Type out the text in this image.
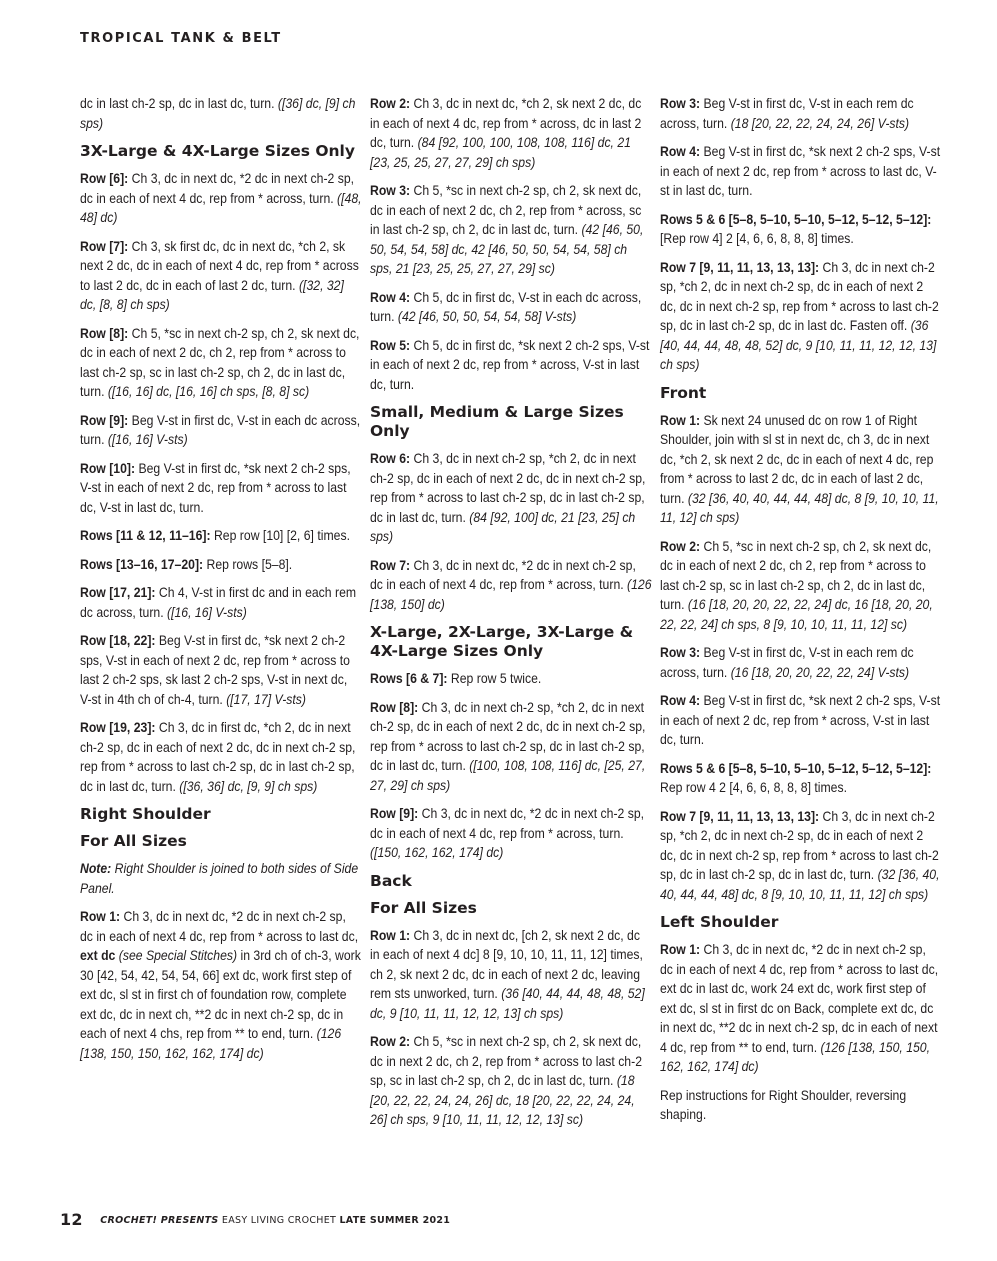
TROPICAL TANK & BELT

dc in last ch-2 sp, dc in last dc, turn. ([36] dc, [9] ch sps)

3X-Large & 4X-Large Sizes Only

Row [6]: Ch 3, dc in next dc, *2 dc in next ch-2 sp, dc in each of next 4 dc, rep from * across, turn. ([48, 48] dc)

Row [7]: Ch 3, sk first dc, dc in next dc, *ch 2, sk next 2 dc, dc in each of next 4 dc, rep from * across to last 2 dc, dc in each of last 2 dc, turn. ([32, 32] dc, [8, 8] ch sps)

Row [8]: Ch 5, *sc in next ch-2 sp, ch 2, sk next dc, dc in each of next 2 dc, ch 2, rep from * across to last ch-2 sp, sc in last ch-2 sp, ch 2, dc in last dc, turn. ([16, 16] dc, [16, 16] ch sps, [8, 8] sc)

Row [9]: Beg V-st in first dc, V-st in each dc across, turn. ([16, 16] V-sts)

Row [10]: Beg V-st in first dc, *sk next 2 ch-2 sps, V-st in each of next 2 dc, rep from * across to last dc, V-st in last dc, turn.

Rows [11 & 12, 11–16]: Rep row [10] [2, 6] times.

Rows [13–16, 17–20]: Rep rows [5–8].

Row [17, 21]: Ch 4, V-st in first dc and in each rem dc across, turn. ([16, 16] V-sts)

Row [18, 22]: Beg V-st in first dc, *sk next 2 ch-2 sps, V-st in each of next 2 dc, rep from * across to last 2 ch-2 sps, sk last 2 ch-2 sps, V-st in next dc, V-st in 4th ch of ch-4, turn. ([17, 17] V-sts)

Row [19, 23]: Ch 3, dc in first dc, *ch 2, dc in next ch-2 sp, dc in each of next 2 dc, dc in next ch-2 sp, rep from * across to last ch-2 sp, dc in last ch-2 sp, dc in last dc, turn. ([36, 36] dc, [9, 9] ch sps)

Right Shoulder
For All Sizes

Note: Right Shoulder is joined to both sides of Side Panel.

Row 1: Ch 3, dc in next dc, *2 dc in next ch-2 sp, dc in each of next 4 dc, rep from * across to last dc, ext dc (see Special Stitches) in 3rd ch of ch-3, work 30 [42, 54, 42, 54, 54, 66] ext dc, work first step of ext dc, sl st in first ch of foundation row, complete ext dc, dc in next ch, **2 dc in next ch-2 sp, dc in each of next 4 chs, rep from ** to end, turn. (126 [138, 150, 150, 162, 162, 174] dc)

Row 2: Ch 3, dc in next dc, *ch 2, sk next 2 dc, dc in each of next 4 dc, rep from * across, dc in last 2 dc, turn. (84 [92, 100, 100, 108, 108, 116] dc, 21 [23, 25, 25, 27, 27, 29] ch sps)

Row 3: Ch 5, *sc in next ch-2 sp, ch 2, sk next dc, dc in each of next 2 dc, ch 2, rep from * across, sc in last ch-2 sp, ch 2, dc in last dc, turn. (42 [46, 50, 50, 54, 54, 58] dc, 42 [46, 50, 50, 54, 54, 58] ch sps, 21 [23, 25, 25, 27, 27, 29] sc)

Row 4: Ch 5, dc in first dc, V-st in each dc across, turn. (42 [46, 50, 50, 54, 54, 58] V-sts)

Row 5: Ch 5, dc in first dc, *sk next 2 ch-2 sps, V-st in each of next 2 dc, rep from * across, V-st in last dc, turn.

Small, Medium & Large Sizes Only

Row 6: Ch 3, dc in next ch-2 sp, *ch 2, dc in next ch-2 sp, dc in each of next 2 dc, dc in next ch-2 sp, rep from * across to last ch-2 sp, dc in last ch-2 sp, dc in last dc, turn. (84 [92, 100] dc, 21 [23, 25] ch sps)

Row 7: Ch 3, dc in next dc, *2 dc in next ch-2 sp, dc in each of next 4 dc, rep from * across, turn. (126 [138, 150] dc)

X-Large, 2X-Large, 3X-Large & 4X-Large Sizes Only

Rows [6 & 7]: Rep row 5 twice.

Row [8]: Ch 3, dc in next ch-2 sp, *ch 2, dc in next ch-2 sp, dc in each of next 2 dc, dc in next ch-2 sp, rep from * across to last ch-2 sp, dc in last ch-2 sp, dc in last dc, turn. ([100, 108, 108, 116] dc, [25, 27, 27, 29] ch sps)

Row [9]: Ch 3, dc in next dc, *2 dc in next ch-2 sp, dc in each of next 4 dc, rep from * across, turn. ([150, 162, 162, 174] dc)

Back
For All Sizes

Row 1: Ch 3, dc in next dc, [ch 2, sk next 2 dc, dc in each of next 4 dc] 8 [9, 10, 10, 11, 11, 12] times, ch 2, sk next 2 dc, dc in each of next 2 dc, leaving rem sts unworked, turn. (36 [40, 44, 44, 48, 48, 52] dc, 9 [10, 11, 11, 12, 12, 13] ch sps)

Row 2: Ch 5, *sc in next ch-2 sp, ch 2, sk next dc, dc in next 2 dc, ch 2, rep from * across to last ch-2 sp, sc in last ch-2 sp, ch 2, dc in last dc, turn. (18 [20, 22, 22, 24, 24, 26] dc, 18 [20, 22, 22, 24, 24, 26] ch sps, 9 [10, 11, 11, 12, 12, 13] sc)

Row 3: Beg V-st in first dc, V-st in each rem dc across, turn. (18 [20, 22, 22, 24, 24, 26] V-sts)

Row 4: Beg V-st in first dc, *sk next 2 ch-2 sps, V-st in each of next 2 dc, rep from * across to last dc, V-st in last dc, turn.

Rows 5 & 6 [5–8, 5–10, 5–10, 5–12, 5–12, 5–12]: [Rep row 4] 2 [4, 6, 6, 8, 8, 8] times.

Row 7 [9, 11, 11, 13, 13, 13]: Ch 3, dc in next ch-2 sp, *ch 2, dc in next ch-2 sp, dc in each of next 2 dc, dc in next ch-2 sp, rep from * across to last ch-2 sp, dc in last ch-2 sp, dc in last dc. Fasten off. (36 [40, 44, 44, 48, 48, 52] dc, 9 [10, 11, 11, 12, 12, 13] ch sps)

Front

Row 1: Sk next 24 unused dc on row 1 of Right Shoulder, join with sl st in next dc, ch 3, dc in next dc, *ch 2, sk next 2 dc, dc in each of next 4 dc, rep from * across to last 2 dc, dc in each of last 2 dc, turn. (32 [36, 40, 40, 44, 44, 48] dc, 8 [9, 10, 10, 11, 11, 12] ch sps)

Row 2: Ch 5, *sc in next ch-2 sp, ch 2, sk next dc, dc in each of next 2 dc, ch 2, rep from * across to last ch-2 sp, sc in last ch-2 sp, ch 2, dc in last dc, turn. (16 [18, 20, 20, 22, 22, 24] dc, 16 [18, 20, 20, 22, 22, 24] ch sps, 8 [9, 10, 10, 11, 11, 12] sc)

Row 3: Beg V-st in first dc, V-st in each rem dc across, turn. (16 [18, 20, 20, 22, 22, 24] V-sts)

Row 4: Beg V-st in first dc, *sk next 2 ch-2 sps, V-st in each of next 2 dc, rep from * across, V-st in last dc, turn.

Rows 5 & 6 [5–8, 5–10, 5–10, 5–12, 5–12, 5–12]: Rep row 4 2 [4, 6, 6, 8, 8, 8] times.

Row 7 [9, 11, 11, 13, 13, 13]: Ch 3, dc in next ch-2 sp, *ch 2, dc in next ch-2 sp, dc in each of next 2 dc, dc in next ch-2 sp, rep from * across to last ch-2 sp, dc in last ch-2 sp, dc in last dc, turn. (32 [36, 40, 40, 44, 44, 48] dc, 8 [9, 10, 10, 11, 11, 12] ch sps)

Left Shoulder

Row 1: Ch 3, dc in next dc, *2 dc in next ch-2 sp, dc in each of next 4 dc, rep from * across to last dc, ext dc in last dc, work 24 ext dc, work first step of ext dc, sl st in first dc on Back, complete ext dc, dc in next dc, **2 dc in next ch-2 sp, dc in each of next 4 dc, rep from ** to end, turn. (126 [138, 150, 150, 162, 162, 174] dc)

Rep instructions for Right Shoulder, reversing shaping.

12 CROCHET! PRESENTS EASY LIVING CROCHET LATE SUMMER 2021
